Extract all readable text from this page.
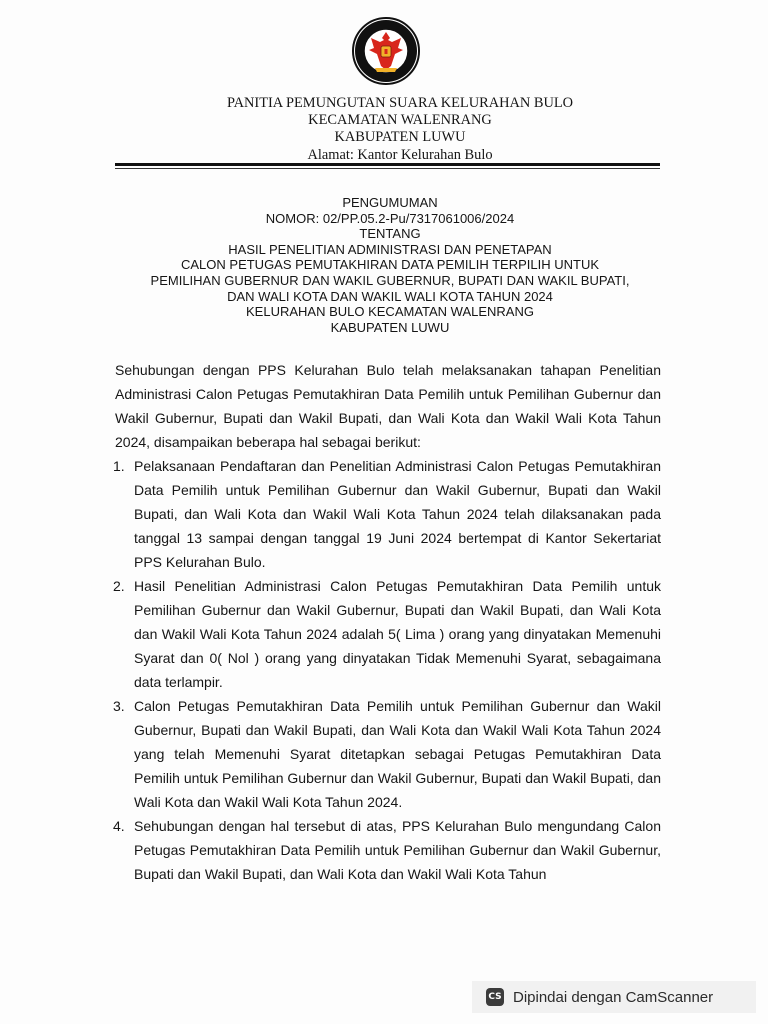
PANITIA PEMUNGUTAN SUARA KELURAHAN BULO
KECAMATAN WALENRANG
KABUPATEN LUWU
Alamat: Kantor Kelurahan Bulo
PENGUMUMAN
NOMOR: 02/PP.05.2-Pu/7317061006/2024
TENTANG
HASIL PENELITIAN ADMINISTRASI DAN PENETAPAN
CALON PETUGAS PEMUTAKHIRAN DATA PEMILIH TERPILIH UNTUK
PEMILIHAN GUBERNUR DAN WAKIL GUBERNUR, BUPATI DAN WAKIL BUPATI,
DAN WALI KOTA DAN WAKIL WALI KOTA TAHUN 2024
KELURAHAN BULO KECAMATAN WALENRANG
KABUPATEN LUWU
Sehubungan dengan PPS Kelurahan Bulo telah melaksanakan tahapan Penelitian Administrasi Calon Petugas Pemutakhiran Data Pemilih untuk Pemilihan Gubernur dan Wakil Gubernur, Bupati dan Wakil Bupati, dan Wali Kota dan Wakil Wali Kota Tahun 2024, disampaikan beberapa hal sebagai berikut:
1. Pelaksanaan Pendaftaran dan Penelitian Administrasi Calon Petugas Pemutakhiran Data Pemilih untuk Pemilihan Gubernur dan Wakil Gubernur, Bupati dan Wakil Bupati, dan Wali Kota dan Wakil Wali Kota Tahun 2024 telah dilaksanakan pada tanggal 13 sampai dengan tanggal 19 Juni 2024 bertempat di Kantor Sekertariat PPS Kelurahan Bulo.
2. Hasil Penelitian Administrasi Calon Petugas Pemutakhiran Data Pemilih untuk Pemilihan Gubernur dan Wakil Gubernur, Bupati dan Wakil Bupati, dan Wali Kota dan Wakil Wali Kota Tahun 2024 adalah 5( Lima ) orang yang dinyatakan Memenuhi Syarat dan 0( Nol ) orang yang dinyatakan Tidak Memenuhi Syarat, sebagaimana data terlampir.
3. Calon Petugas Pemutakhiran Data Pemilih untuk Pemilihan Gubernur dan Wakil Gubernur, Bupati dan Wakil Bupati, dan Wali Kota dan Wakil Wali Kota Tahun 2024 yang telah Memenuhi Syarat ditetapkan sebagai Petugas Pemutakhiran Data Pemilih untuk Pemilihan Gubernur dan Wakil Gubernur, Bupati dan Wakil Bupati, dan Wali Kota dan Wakil Wali Kota Tahun 2024.
4. Sehubungan dengan hal tersebut di atas, PPS Kelurahan Bulo mengundang Calon Petugas Pemutakhiran Data Pemilih untuk Pemilihan Gubernur dan Wakil Gubernur, Bupati dan Wakil Bupati, dan Wali Kota dan Wakil Wali Kota Tahun
CS Dipindai dengan CamScanner
